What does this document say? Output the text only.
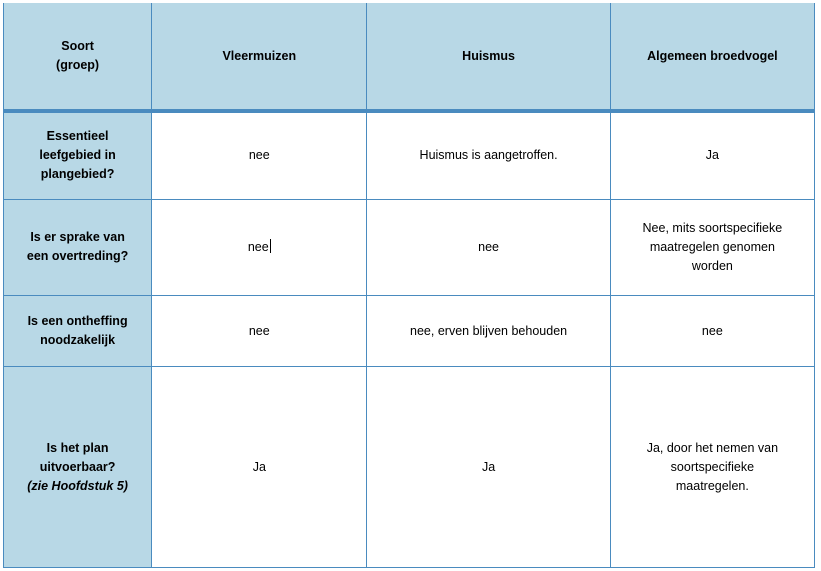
Soort
(groep)	Vleermuizen	Huismus	Algemeen broedvogel

Essentieel
leefgebied in
plangebied?	nee	Huismus is aangetroffen.	Ja

Is er sprake van
een overtreding?	nee	nee	Nee, mits soortspecifieke
maatregelen genomen
worden

Is een ontheffing
noodzakelijk	nee	nee, erven blijven behouden	nee

Is het plan
uitvoerbaar?
(zie Hoofdstuk 5)	Ja	Ja	Ja, door het nemen van
soortspecifieke
maatregelen.
